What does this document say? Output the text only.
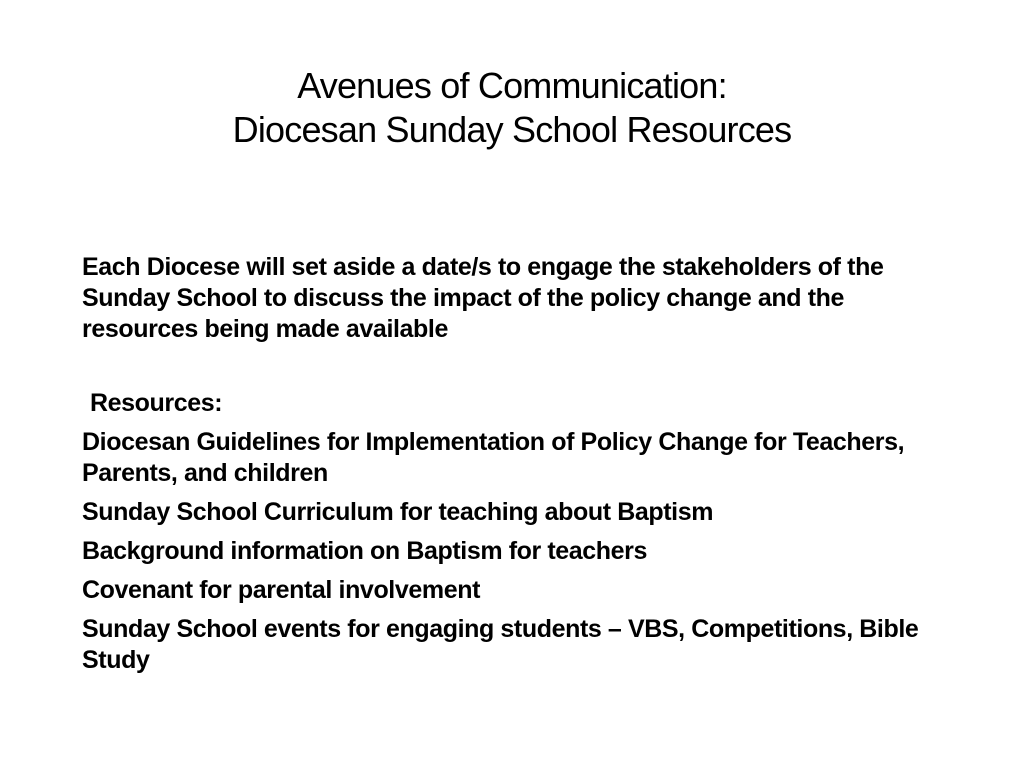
Avenues of Communication:
Diocesan Sunday School Resources

Each Diocese will set aside a date/s to engage the stakeholders of the Sunday School to discuss the impact of the policy change and the resources being made available

Resources:

Diocesan Guidelines for Implementation of Policy Change for Teachers, Parents, and children
Sunday School Curriculum for teaching about Baptism
Background information on Baptism for teachers
Covenant for parental involvement
Sunday School events for engaging students – VBS, Competitions, Bible Study
